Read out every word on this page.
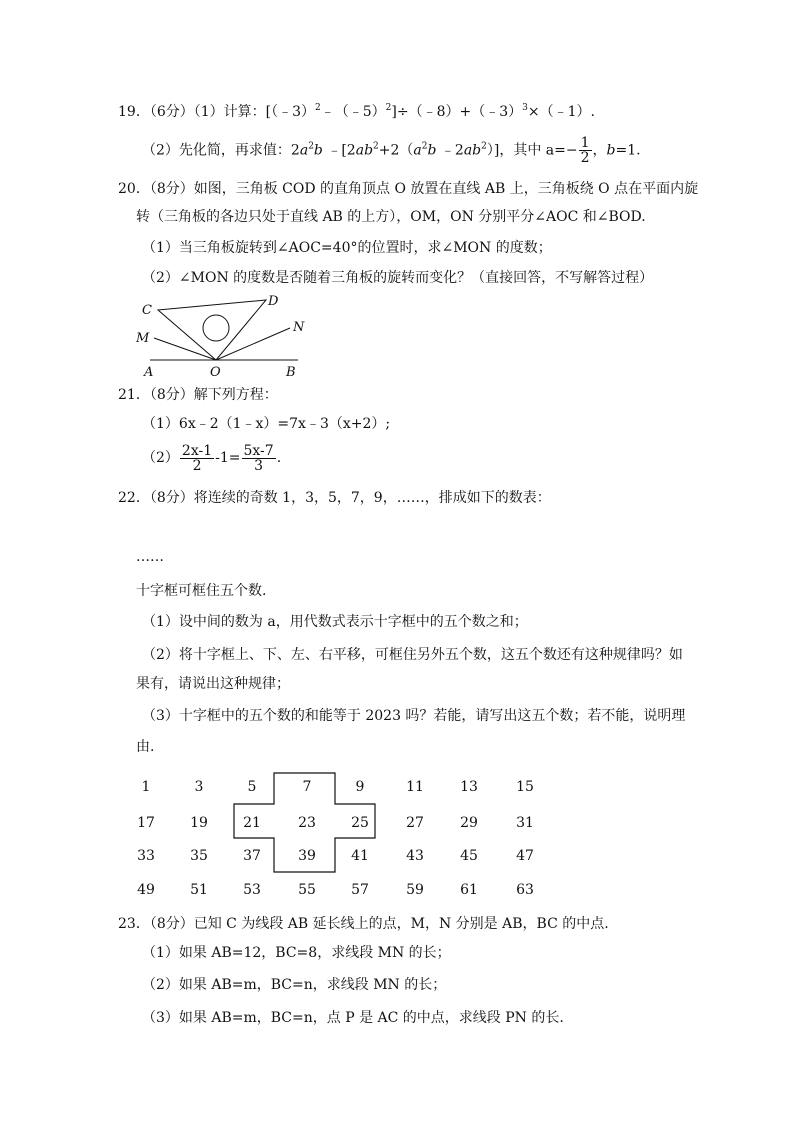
19．（6分）（1）计算：[（﹣3）$^2$﹣（﹣5）$^2$]÷（﹣8）+（﹣3）$^3$×（﹣1）.
（2）先化简，再求值：$2a^2b$ $﹣[2ab^2+2(a^2b$ $﹣2ab^2$）]，其中 $a=- \frac{1}{2}$ ，b=1.
20．（8分）如图，三角板 COD 的直角顶点 O 放置在直线 AB 上，三角板绕 O 点在平面内旋
转（三角板的各边只处于直线 AB 的上方），OM，ON 分别平分∠AOC 和∠BOD.
（1）当三角板旋转到∠AOC=40°的位置时，求∠MON 的度数；
（2）∠MON 的度数是否随着三角板的旋转而变化？（直接回答，不写解答过程）
C
D
M
N
A	O	B
21．（8分）解下列方程：
（1）6x﹣2（1﹣x）=7x﹣3（x+2）;
$(2) \frac{2x-1}{2} -1= \frac{5x-7}{3}$ .
22．（8分）将连续的奇数 1，3，5，7，9，……，排成如下的数表：
……
十字框可框住五个数.
（1）设中间的数为 a，用代数式表示十字框中的五个数之和；
（2）将十字框上、下、左、右平移，可框住另外五个数，这五个数还有这种规律吗？如
果有，请说出这种规律；
（3）十字框中的五个数的和能等于 2023 吗？若能，请写出这五个数；若不能，说明理
由.
1	3	5	7	9	11	13	15
17	19	21	23	25	27	29	31
33	35	37	39	41	43	45	47
49	51	53	55	57	59	61	63
23．（8分）已知 C 为线段 AB 延长线上的点，M，N 分别是 AB，BC 的中点.
（1）如果 AB=12，BC=8，求线段 MN 的长；
（2）如果 AB=m，BC=n，求线段 MN 的长；
（3）如果 AB=m，BC=n，点 P 是 AC 的中点，求线段 PN 的长.
